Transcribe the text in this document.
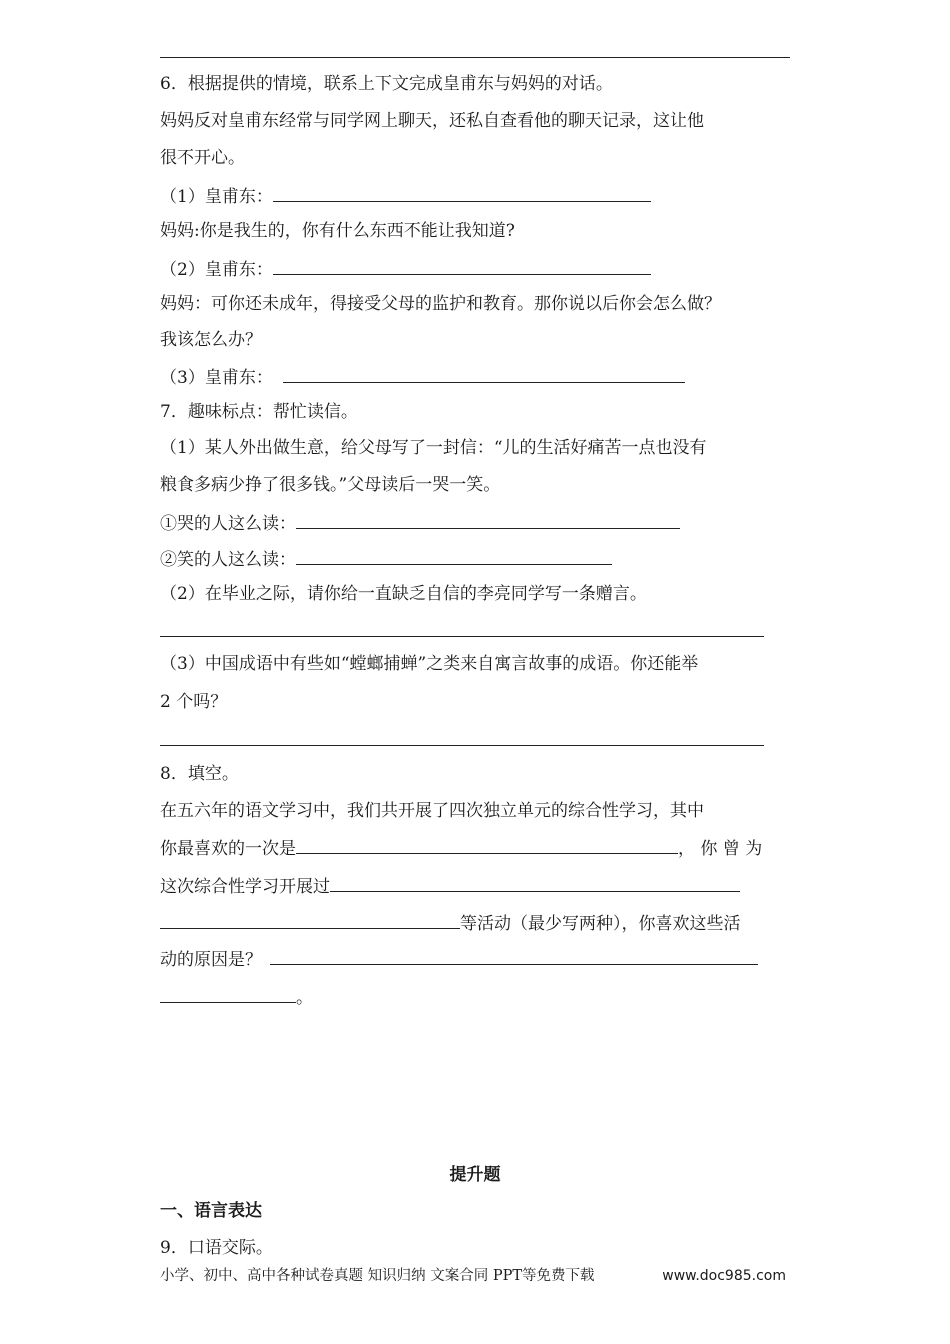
6．根据提供的情境，联系上下文完成皇甫东与妈妈的对话。
妈妈反对皇甫东经常与同学网上聊天，还私自查看他的聊天记录，这让他
很不开心。
（1）皇甫东：
妈妈:你是我生的，你有什么东西不能让我知道?
（2）皇甫东：
妈妈：可你还未成年，得接受父母的监护和教育。那你说以后你会怎么做？
我该怎么办？
（3）皇甫东：
7．趣味标点：帮忙读信。
（1）某人外出做生意，给父母写了一封信：“儿的生活好痛苦一点也没有
粮食多病少挣了很多钱。”父母读后一哭一笑。
①哭的人这么读：
②笑的人这么读：
（2）在毕业之际，请你给一直缺乏自信的李亮同学写一条赠言。
（3）中国成语中有些如“螳螂捕蝉”之类来自寓言故事的成语。你还能举
2 个吗？
8．填空。
在五六年的语文学习中，我们共开展了四次独立单元的综合性学习，其中
你最喜欢的一次是	， 你 曾 为
这次综合性学习开展过
等活动（最少写两种），你喜欢这些活
动的原因是？
。
提升题
一、语言表达
9．口语交际。
小学、初中、高中各种试卷真题 知识归纳 文案合同 PPT等免费下载	www.doc985.com
